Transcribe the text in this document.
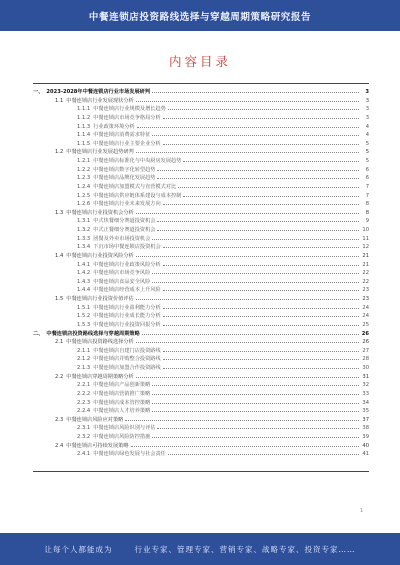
中餐连锁店投资路线选择与穿越周期策略研究报告
内容目录
一、 2023-2028年中餐连锁店行业市场发展研判	3
1.1 中餐连锁店行业发展现状分析	3
1.1.1 中餐连锁店行业规模及增长趋势	3
1.1.2 中餐连锁店市场竞争格局分析	3
1.1.3 行业政策环境分析	4
1.1.4 中餐连锁店消费需求特征	4
1.1.5 中餐连锁店行业主要企业分析	5
1.2 中餐连锁店行业发展趋势研判	5
1.2.1 中餐连锁店标准化与中央厨房发展趋势	5
1.2.2 中餐连锁店数字化转型趋势	6
1.2.3 中餐连锁店品牌化发展趋势	6
1.2.4 中餐连锁店加盟模式与直营模式对比	7
1.2.5 中餐连锁店供应链体系建设与成本控制	7
1.2.6 中餐连锁店行业未来发展方向	8
1.3 中餐连锁店行业投资机会分析	8
1.3.1 中式快餐细分赛道投资机会	9
1.3.2 中式正餐细分赛道投资机会	10
1.3.3 团餐及外卖市场投资机会	11
1.3.4 下沉市场中餐连锁店投资机会	12
1.4 中餐连锁店行业投资风险分析	21
1.4.1 中餐连锁店行业政策风险分析	21
1.4.2 中餐连锁店市场竞争风险	22
1.4.3 中餐连锁店食品安全风险	22
1.4.4 中餐连锁店经营成本上升风险	23
1.5 中餐连锁店行业投资价值评估	23
1.5.1 中餐连锁店行业盈利能力分析	24
1.5.2 中餐连锁店行业成长能力分析	24
1.5.3 中餐连锁店行业投资回报分析	25
二、 中餐连锁店投资路线选择与穿越周期策略	26
2.1 中餐连锁店投资路线选择分析	26
2.1.1 中餐连锁店自建门店投资路线	27
2.1.2 中餐连锁店并购整合投资路线	28
2.1.3 中餐连锁店加盟合作投资路线	30
2.2 中餐连锁店穿越周期策略分析	31
2.2.1 中餐连锁店产品创新策略	32
2.2.2 中餐连锁店营销推广策略	33
2.2.3 中餐连锁店成本管控策略	34
2.2.4 中餐连锁店人才培养策略	35
2.3 中餐连锁店风险应对策略	37
2.3.1 中餐连锁店风险识别与评估	38
2.3.2 中餐连锁店风险防控措施	39
2.4 中餐连锁店可持续发展策略	40
2.4.1 中餐连锁店绿色发展与社会责任	41
1
让每个人都能成为	行业专家、管理专家、营销专家、战略专家、投资专家……
